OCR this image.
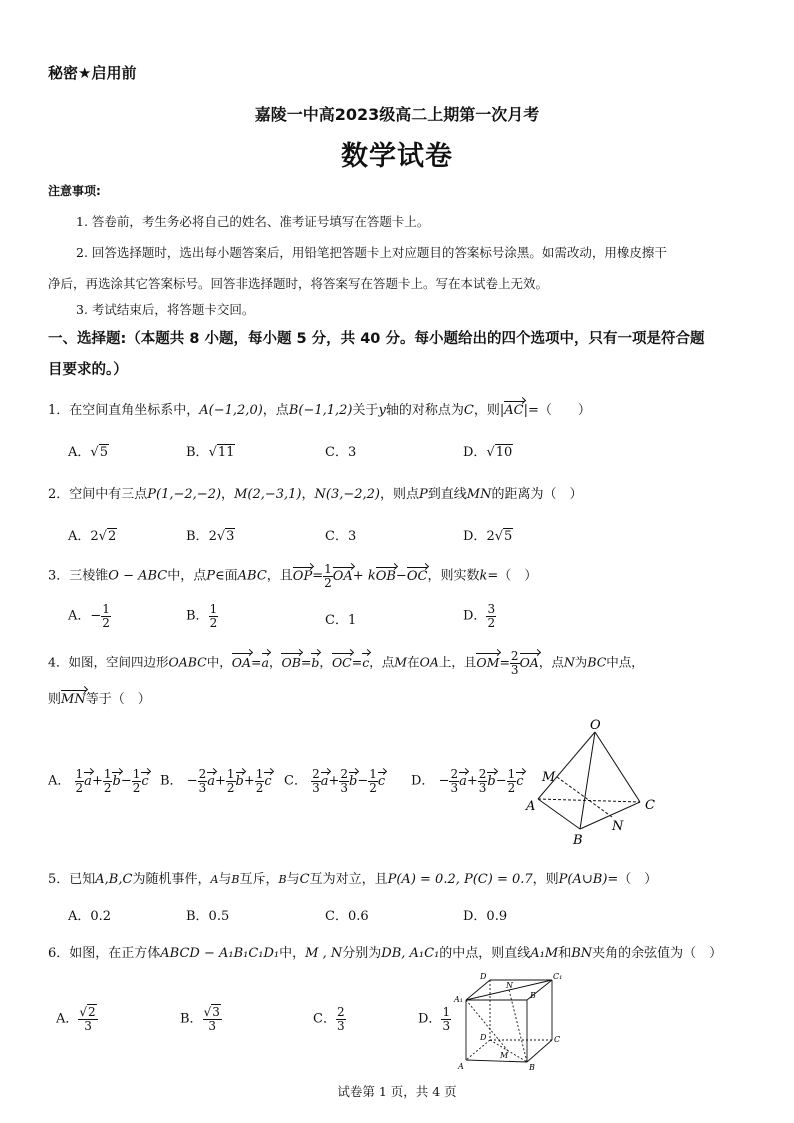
秘密★启用前
嘉陵一中高2023级高二上期第一次月考
数学试卷
注意事项:
1. 答卷前，考生务必将自己的姓名、准考证号填写在答题卡上。
2. 回答选择题时，选出每小题答案后，用铅笔把答题卡上对应题目的答案标号涂黑。如需改动，用橡皮擦干
净后，再选涂其它答案标号。回答非选择题时，将答案写在答题卡上。写在本试卷上无效。
3. 考试结束后，将答题卡交回。
一、选择题:（本题共 8 小题，每小题 5 分，共 40 分。每小题给出的四个选项中，只有一项是符合题
目要求的。）
1．在空间直角坐标系中，A(−1,2,0)，点B(−1,1,2)关于y轴的对称点为C，则|AC|=（　　）
A．√5	B．√11	C．3	D．√10
2．空间中有三点P(1,−2,−2)，M(2,−3,1)，N(3,−2,2)，则点P到直线MN的距离为（　）
A．2√2	B．2√3	C．3	D．2√5
3．三棱锥O − ABC中，点P∈面ABC，且$OP= \frac{1}{2} OA+ kOB-OC$，则实数k=（　）
A．− $\frac{1}{2}$	B． $\frac{1}{2}$	C．1	D． $\frac{3}{2}$
4．如图，空间四边形OABC中，OA=a，OB=b，OC=c，点M在OA上，且$OM= \frac{2}{3}$ OA，点N为BC中点，
则MN等于（　）
A． $\frac{1}{2} a+ \frac{1}{2} b- \frac{1}{2}$ c B． − $\frac{2}{3} a+ \frac{1}{2} b+ \frac{1}{2}$ c C． $\frac{2}{3} a+ \frac{2}{3} b- \frac{1}{2}$ c D． − $\frac{2}{3} a+ \frac{2}{3} b- \frac{1}{2}$ c
O
M
A
B
C
N
5．已知A,B,C为随机事件，A与B互斥，B与C互为对立，且P(A) = 0.2, P(C) = 0.7，则P(A∪B)=（　）
A．0.2	B．0.5	C．0.6	D．0.9
6．如图，在正方体ABCD − A₁B₁C₁D₁中，M , N分别为DB, A₁C₁的中点，则直线A₁M和BN夹角的余弦值为（　）
A． $\frac{√2}{3}$	B． $\frac{√3}{3}$	C． $\frac{2}{3}$	D． $\frac{1}{3}$
D	C₁
A₁	B
N
D
M
C
A	B
试卷第 1 页，共 4 页
